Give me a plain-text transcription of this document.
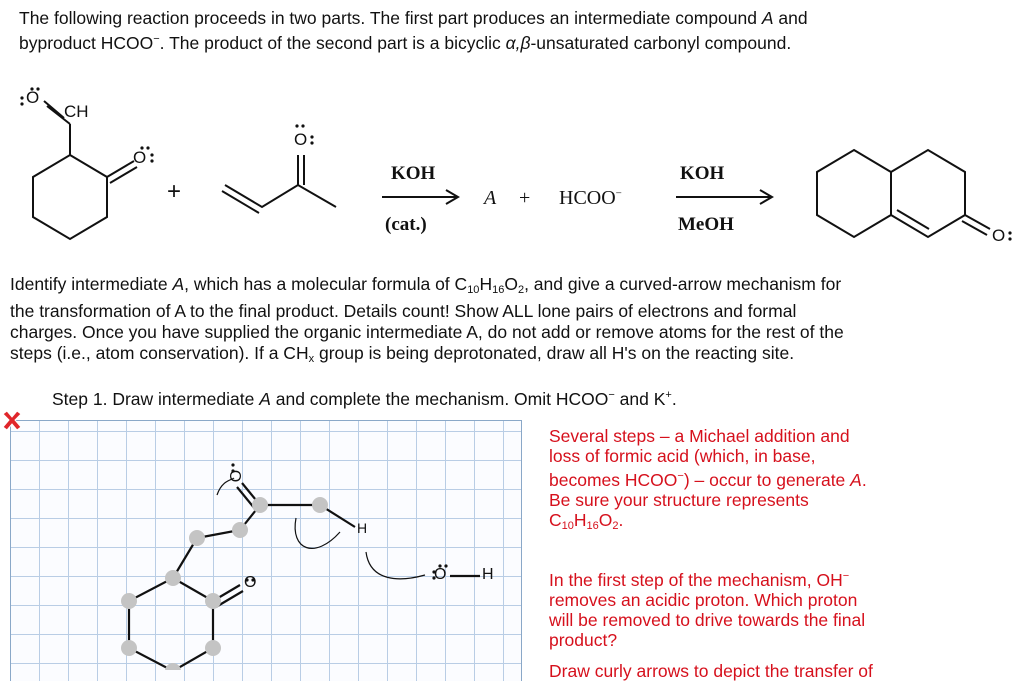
The following reaction proceeds in two parts. The first part produces an intermediate compound A and

byproduct HCOO−. The product of the second part is a bicyclic α,β-unsaturated carbonyl compound.

O
CH
O
O
O
+
KOH
(cat.)
A + HCOO−
KOH
MeOH

Identify intermediate A, which has a molecular formula of $C_{10}H_{16}O_2$, and give a curved-arrow mechanism for

the transformation of A to the final product. Details count! Show ALL lone pairs of electrons and formal

charges. Once you have supplied the organic intermediate A, do not add or remove atoms for the rest of the

steps (i.e., atom conservation). If a $CH_x$ group is being deprotonated, draw all H's on the reacting site.

Step 1. Draw intermediate A and complete the mechanism. Omit HCOO− and K+.
O
O
H
O H
Several steps – a Michael addition and
loss of formic acid (which, in base,
becomes HCOO−) – occur to generate A.
Be sure your structure represents
$C_{10}H_{16}O_2$.
In the first step of the mechanism, OH−
removes an acidic proton. Which proton
will be removed to drive towards the final
product?
Draw curly arrows to depict the transfer of
